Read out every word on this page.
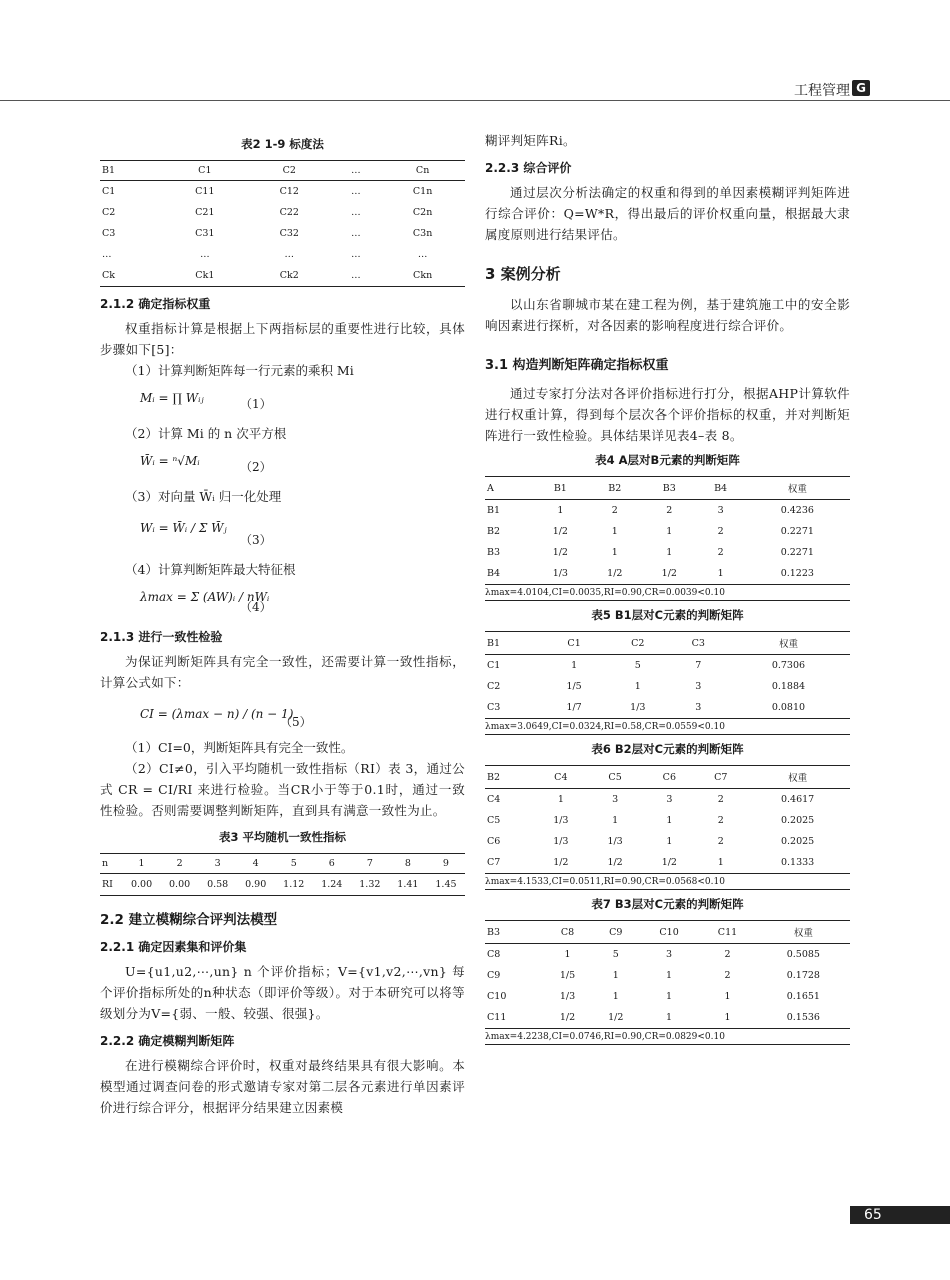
工程管理 G
表2 1-9 标度法
B1	C1	C2	…	Cn
C1	C11	C12	…	C1n
C2	C21	C22	…	C2n
C3	C31	C32	…	C3n
…	…	…	…	…
Ck	Ck1	Ck2	…	Ckn
2.1.2 确定指标权重

权重指标计算是根据上下两指标层的重要性进行比较，具体步骤如下[5]：

（1）计算判断矩阵每一行元素的乘积 Mi

Mᵢ = ∏ Wᵢⱼ	（1）

（2）计算 Mi 的 n 次平方根

W̄ᵢ = ⁿ√Mᵢ	（2）

（3）对向量 W̄ᵢ 归一化处理

Wᵢ = W̄ᵢ / Σ W̄ⱼ
（3）

（4）计算判断矩阵最大特征根

λmax = Σ (AW)ᵢ / nWᵢ
（4）
2.1.3 进行一致性检验

为保证判断矩阵具有完全一致性，还需要计算一致性指标，计算公式如下：

CI = (λmax − n) / (n − 1)
（5）

（1）CI=0，判断矩阵具有完全一致性。

（2）CI≠0，引入平均随机一致性指标（RI）表 3，通过公式 CR = CI/RI 来进行检验。当CR小于等于0.1时，通过一致性检验。否则需要调整判断矩阵，直到具有满意一致性为止。

表3 平均随机一致性指标
n	1	2	3	4	5	6	7	8	9
RI	0.00	0.00	0.58	0.90	1.12	1.24	1.32	1.41	1.45
2.2 建立模糊综合评判法模型
2.2.1 确定因素集和评价集

U={u1,u2,⋯,un} n 个评价指标；V={v1,v2,⋯,vn} 每个评价指标所处的n种状态（即评价等级）。对于本研究可以将等级划分为V={弱、一般、较强、很强}。

2.2.2 确定模糊判断矩阵

在进行模糊综合评价时，权重对最终结果具有很大影响。本模型通过调查问卷的形式邀请专家对第二层各元素进行单因素评价进行综合评分，根据评分结果建立因素模

糊评判矩阵Ri。

2.2.3 综合评价

通过层次分析法确定的权重和得到的单因素模糊评判矩阵进行综合评价：Q=W*R，得出最后的评价权重向量，根据最大隶属度原则进行结果评估。

3 案例分析

以山东省聊城市某在建工程为例，基于建筑施工中的安全影响因素进行探析，对各因素的影响程度进行综合评价。

3.1 构造判断矩阵确定指标权重

通过专家打分法对各评价指标进行打分，根据AHP计算软件进行权重计算，得到每个层次各个评价指标的权重，并对判断矩阵进行一致性检验。具体结果详见表4–表 8。

表4 A层对B元素的判断矩阵
A	B1	B2	B3	B4	权重
B1	1	2	2	3	0.4236
B2	1/2	1	1	2	0.2271
B3	1/2	1	1	2	0.2271
B4	1/3	1/2	1/2	1	0.1223
λmax=4.0104,CI=0.0035,RI=0.90,CR=0.0039<0.10					
表5 B1层对C元素的判断矩阵
B1	C1	C2	C3	权重
C1	1	5	7	0.7306
C2	1/5	1	3	0.1884
C3	1/7	1/3	3	0.0810
λmax=3.0649,CI=0.0324,RI=0.58,CR=0.0559<0.10				
表6 B2层对C元素的判断矩阵
B2	C4	C5	C6	C7	权重
C4	1	3	3	2	0.4617
C5	1/3	1	1	2	0.2025
C6	1/3	1/3	1	2	0.2025
C7	1/2	1/2	1/2	1	0.1333
λmax=4.1533,CI=0.0511,RI=0.90,CR=0.0568<0.10					
表7 B3层对C元素的判断矩阵
B3	C8	C9	C10	C11	权重
C8	1	5	3	2	0.5085
C9	1/5	1	1	2	0.1728
C10	1/3	1	1	1	0.1651
C11	1/2	1/2	1	1	0.1536
λmax=4.2238,CI=0.0746,RI=0.90,CR=0.0829<0.10					
65
